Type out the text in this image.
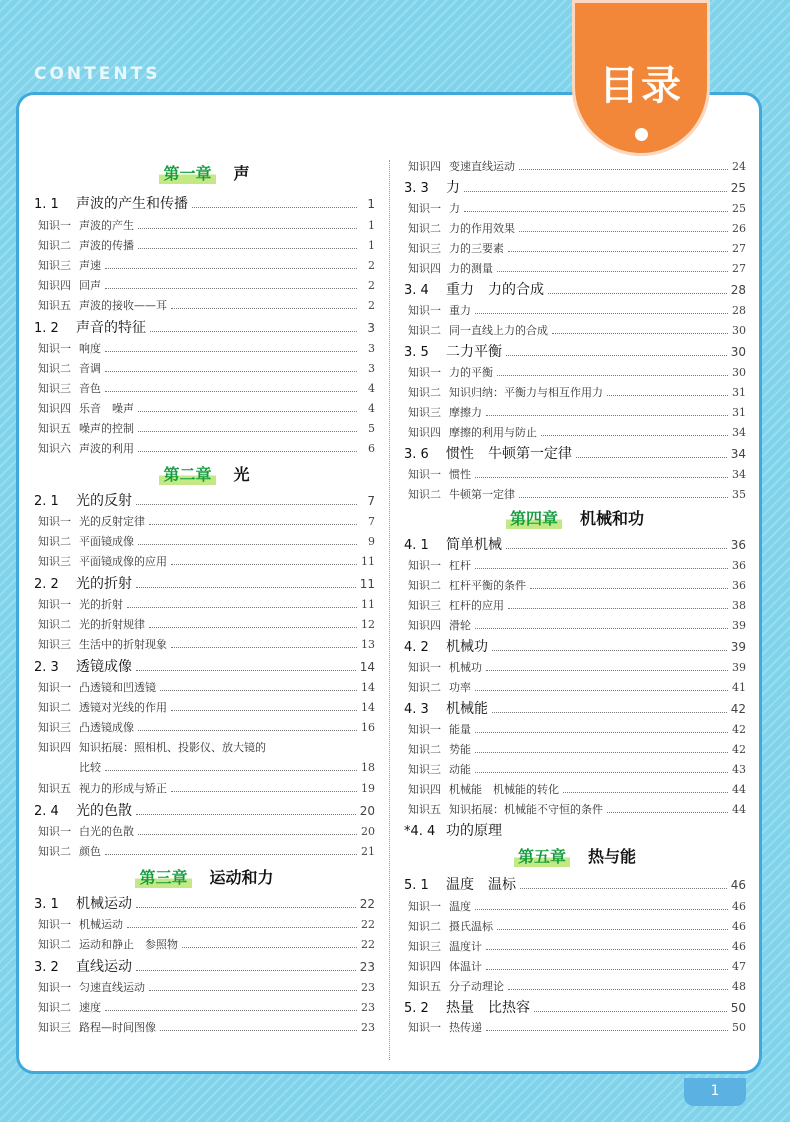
CONTENTS	目录
第一章 声
1. 1	声波的产生和传播	1
知识一 声波的产生	1
知识二 声波的传播	1
知识三 声速	2
知识四 回声	2
知识五 声波的接收——耳	2
1. 2	声音的特征	3
知识一 响度	3
知识二 音调	3
知识三 音色	4
知识四 乐音　噪声	4
知识五 噪声的控制	5
知识六 声波的利用	6
第二章 光
2. 1	光的反射	7
知识一 光的反射定律	7
知识二 平面镜成像	9
知识三 平面镜成像的应用	11
2. 2	光的折射	11
知识一 光的折射	11
知识二 光的折射规律	12
知识三 生活中的折射现象	13
2. 3	透镜成像	14
知识一 凸透镜和凹透镜	14
知识二 透镜对光线的作用	14
知识三 凸透镜成像	16
知识四 知识拓展：照相机、投影仪、放大镜的
比较	18
知识五 视力的形成与矫正	19
2. 4	光的色散	20
知识一 白光的色散	20
知识二 颜色	21
第三章 运动和力
3. 1	机械运动	22
知识一 机械运动	22
知识二 运动和静止　参照物	22
3. 2	直线运动	23
知识一 匀速直线运动	23
知识二 速度	23
知识三 路程—时间图像	23
知识四 变速直线运动	24
3. 3	力	25
知识一 力	25
知识二 力的作用效果	26
知识三 力的三要素	27
知识四 力的测量	27
3. 4	重力　力的合成	28
知识一 重力	28
知识二 同一直线上力的合成	30
3. 5	二力平衡	30
知识一 力的平衡	30
知识二 知识归纳：平衡力与相互作用力	31
知识三 摩擦力	31
知识四 摩擦的利用与防止	34
3. 6	惯性　牛顿第一定律	34
知识一 惯性	34
知识二 牛顿第一定律	35
第四章 机械和功
4. 1	简单机械	36
知识一 杠杆	36
知识二 杠杆平衡的条件	36
知识三 杠杆的应用	38
知识四 滑轮	39
4. 2	机械功	39
知识一 机械功	39
知识二 功率	41
4. 3	机械能	42
知识一 能量	42
知识二 势能	42
知识三 动能	43
知识四 机械能　机械能的转化	44
知识五 知识拓展：机械能不守恒的条件	44
*4. 4 功的原理
第五章 热与能
5. 1	温度　温标	46
知识一 温度	46
知识二 摄氏温标	46
知识三 温度计	46
知识四 体温计	47
知识五 分子动理论	48
5. 2	热量　比热容	50
知识一 热传递	50
1
